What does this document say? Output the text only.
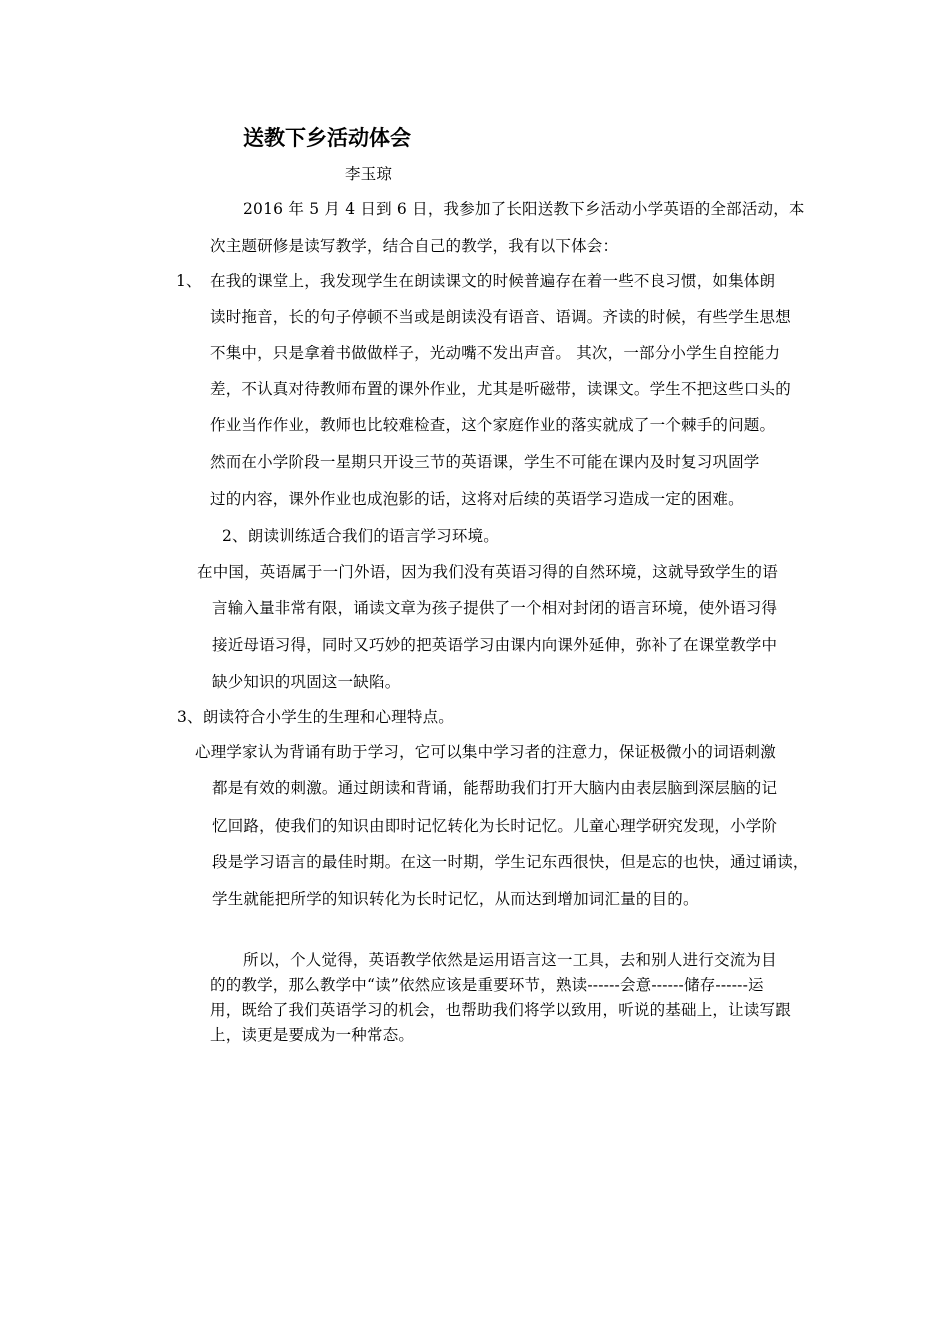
送教下乡活动体会
李玉琼
2016 年 5 月 4 日到 6 日，我参加了长阳送教下乡活动小学英语的全部活动，本
次主题研修是读写教学，结合自己的教学，我有以下体会：
1、 在我的课堂上，我发现学生在朗读课文的时候普遍存在着一些不良习惯，如集体朗
读时拖音，长的句子停顿不当或是朗读没有语音、语调。齐读的时候，有些学生思想
不集中，只是拿着书做做样子，光动嘴不发出声音。 其次，一部分小学生自控能力
差，不认真对待教师布置的课外作业，尤其是听磁带，读课文。学生不把这些口头的
作业当作作业，教师也比较难检查，这个家庭作业的落实就成了一个棘手的问题。
然而在小学阶段一星期只开设三节的英语课，学生不可能在课内及时复习巩固学
过的内容，课外作业也成泡影的话，这将对后续的英语学习造成一定的困难。
2、朗读训练适合我们的语言学习环境。
在中国，英语属于一门外语，因为我们没有英语习得的自然环境，这就导致学生的语
言输入量非常有限，诵读文章为孩子提供了一个相对封闭的语言环境，使外语习得
接近母语习得，同时又巧妙的把英语学习由课内向课外延伸，弥补了在课堂教学中
缺少知识的巩固这一缺陷。
3、朗读符合小学生的生理和心理特点。
心理学家认为背诵有助于学习，它可以集中学习者的注意力，保证极微小的词语刺激
都是有效的刺激。通过朗读和背诵，能帮助我们打开大脑内由表层脑到深层脑的记
忆回路，使我们的知识由即时记忆转化为长时记忆。儿童心理学研究发现，小学阶
段是学习语言的最佳时期。在这一时期，学生记东西很快，但是忘的也快，通过诵读，
学生就能把所学的知识转化为长时记忆，从而达到增加词汇量的目的。
所以，个人觉得，英语教学依然是运用语言这一工具，去和别人进行交流为目
的的教学，那么教学中“读”依然应该是重要环节，熟读------会意------储存------运
用，既给了我们英语学习的机会，也帮助我们将学以致用，听说的基础上，让读写跟
上，读更是要成为一种常态。
